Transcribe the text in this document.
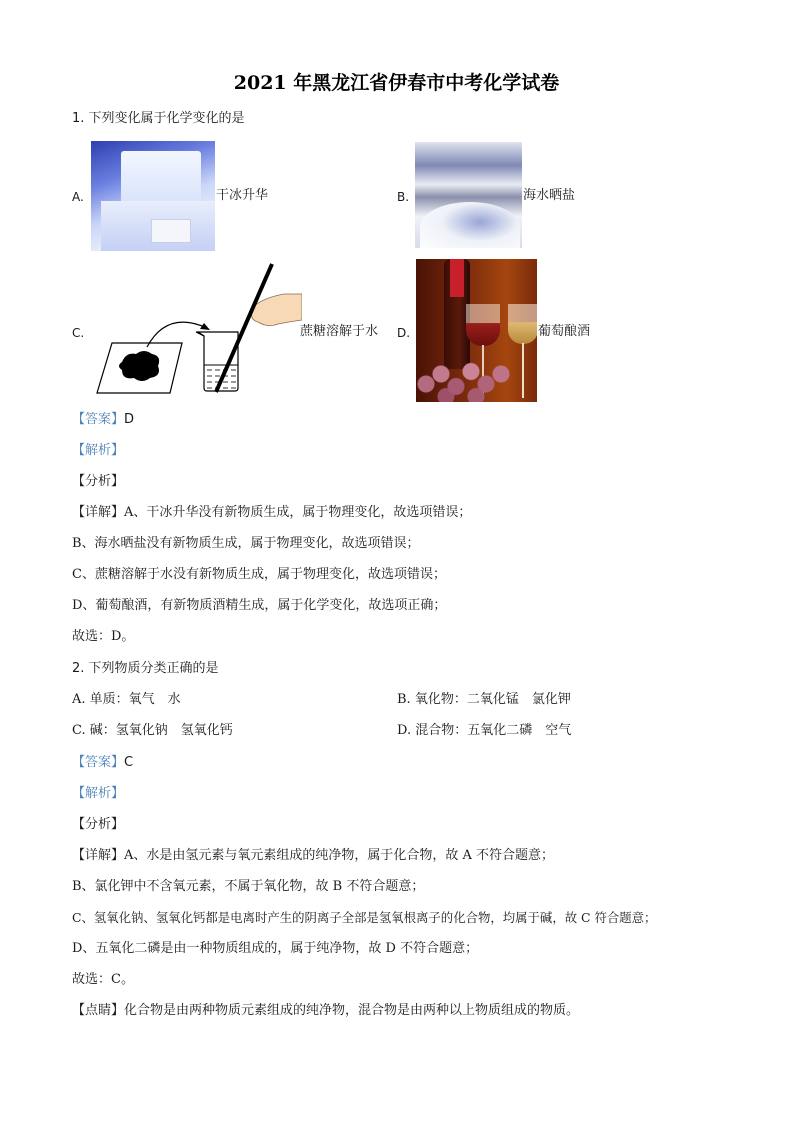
2021 年黑龙江省伊春市中考化学试卷
1. 下列变化属于化学变化的是
A.	干冰升华	B.	海水晒盐
C.	蔗糖溶解于水 D.	葡萄酿酒
【答案】D
【解析】
【分析】
【详解】A、干冰升华没有新物质生成，属于物理变化，故选项错误；
B、海水晒盐没有新物质生成，属于物理变化，故选项错误；
C、蔗糖溶解于水没有新物质生成，属于物理变化，故选项错误；
D、葡萄酿酒，有新物质酒精生成，属于化学变化，故选项正确；
故选：D。
2. 下列物质分类正确的是
A. 单质：氧气　水	B. 氧化物：二氧化锰　氯化钾
C. 碱：氢氧化钠　氢氧化钙	D. 混合物：五氧化二磷　空气
【答案】C
【解析】
【分析】
【详解】A、水是由氢元素与氧元素组成的纯净物，属于化合物，故 A 不符合题意；
B、氯化钾中不含氧元素，不属于氧化物，故 B 不符合题意；
C、氢氧化钠、氢氧化钙都是电离时产生的阴离子全部是氢氧根离子的化合物，均属于碱，故 C 符合题意；
D、五氧化二磷是由一种物质组成的，属于纯净物，故 D 不符合题意；
故选：C。
【点睛】化合物是由两种物质元素组成的纯净物，混合物是由两种以上物质组成的物质。
